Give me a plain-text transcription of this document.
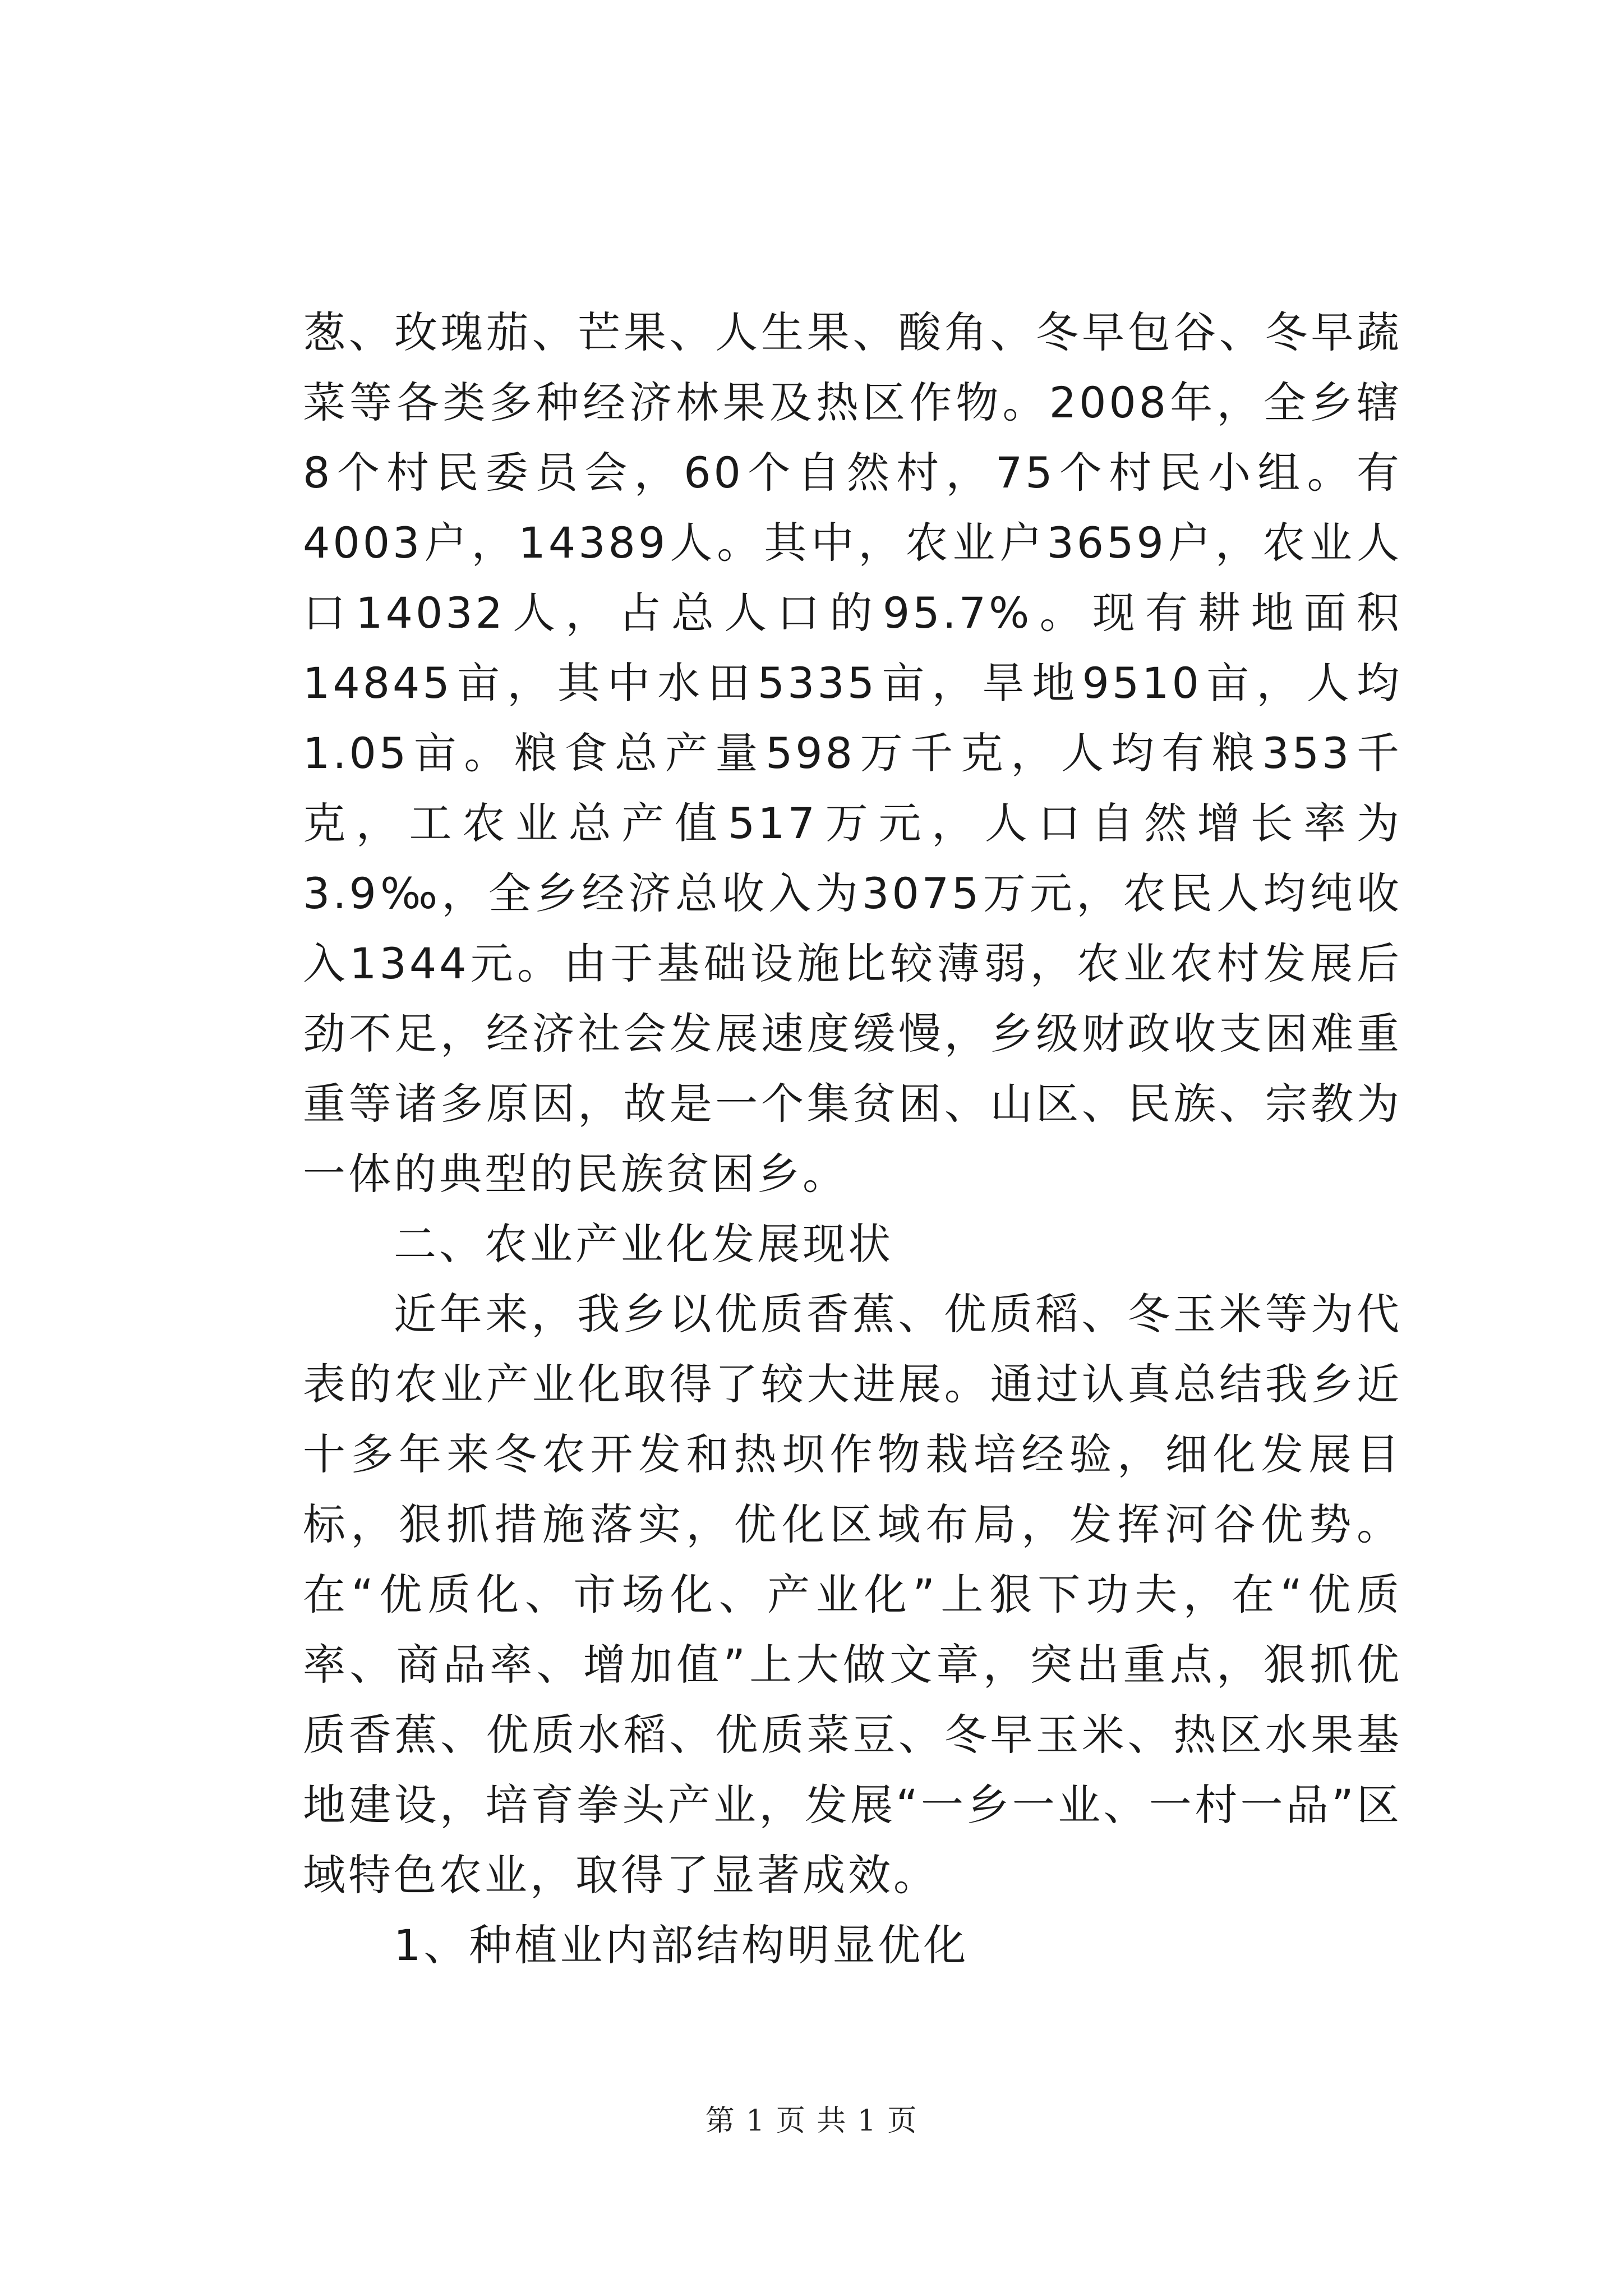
葱、玫瑰茄、芒果、人生果、酸角、冬早包谷、冬早蔬菜等各类多种经济林果及热区作物。2008年，全乡辖8个村民委员会，60个自然村，75个村民小组。有4003户，14389人。其中，农业户3659户，农业人口14032人，占总人口的95.7%。现有耕地面积14845亩，其中水田5335亩，旱地9510亩，人均1.05亩。粮食总产量598万千克，人均有粮353千克，工农业总产值517万元，人口自然增长率为3.9‰，全乡经济总收入为3075万元，农民人均纯收入1344元。由于基础设施比较薄弱，农业农村发展后劲不足，经济社会发展速度缓慢，乡级财政收支困难重重等诸多原因，故是一个集贫困、山区、民族、宗教为一体的典型的民族贫困乡。

二、农业产业化发展现状

近年来，我乡以优质香蕉、优质稻、冬玉米等为代表的农业产业化取得了较大进展。通过认真总结我乡近十多年来冬农开发和热坝作物栽培经验，细化发展目标，狠抓措施落实，优化区域布局，发挥河谷优势。在“优质化、市场化、产业化”上狠下功夫，在“优质率、商品率、增加值”上大做文章，突出重点，狠抓优质香蕉、优质水稻、优质菜豆、冬早玉米、热区水果基地建设，培育拳头产业，发展“一乡一业、一村一品”区域特色农业，取得了显著成效。

1、种植业内部结构明显优化

第 1 页 共 1 页
